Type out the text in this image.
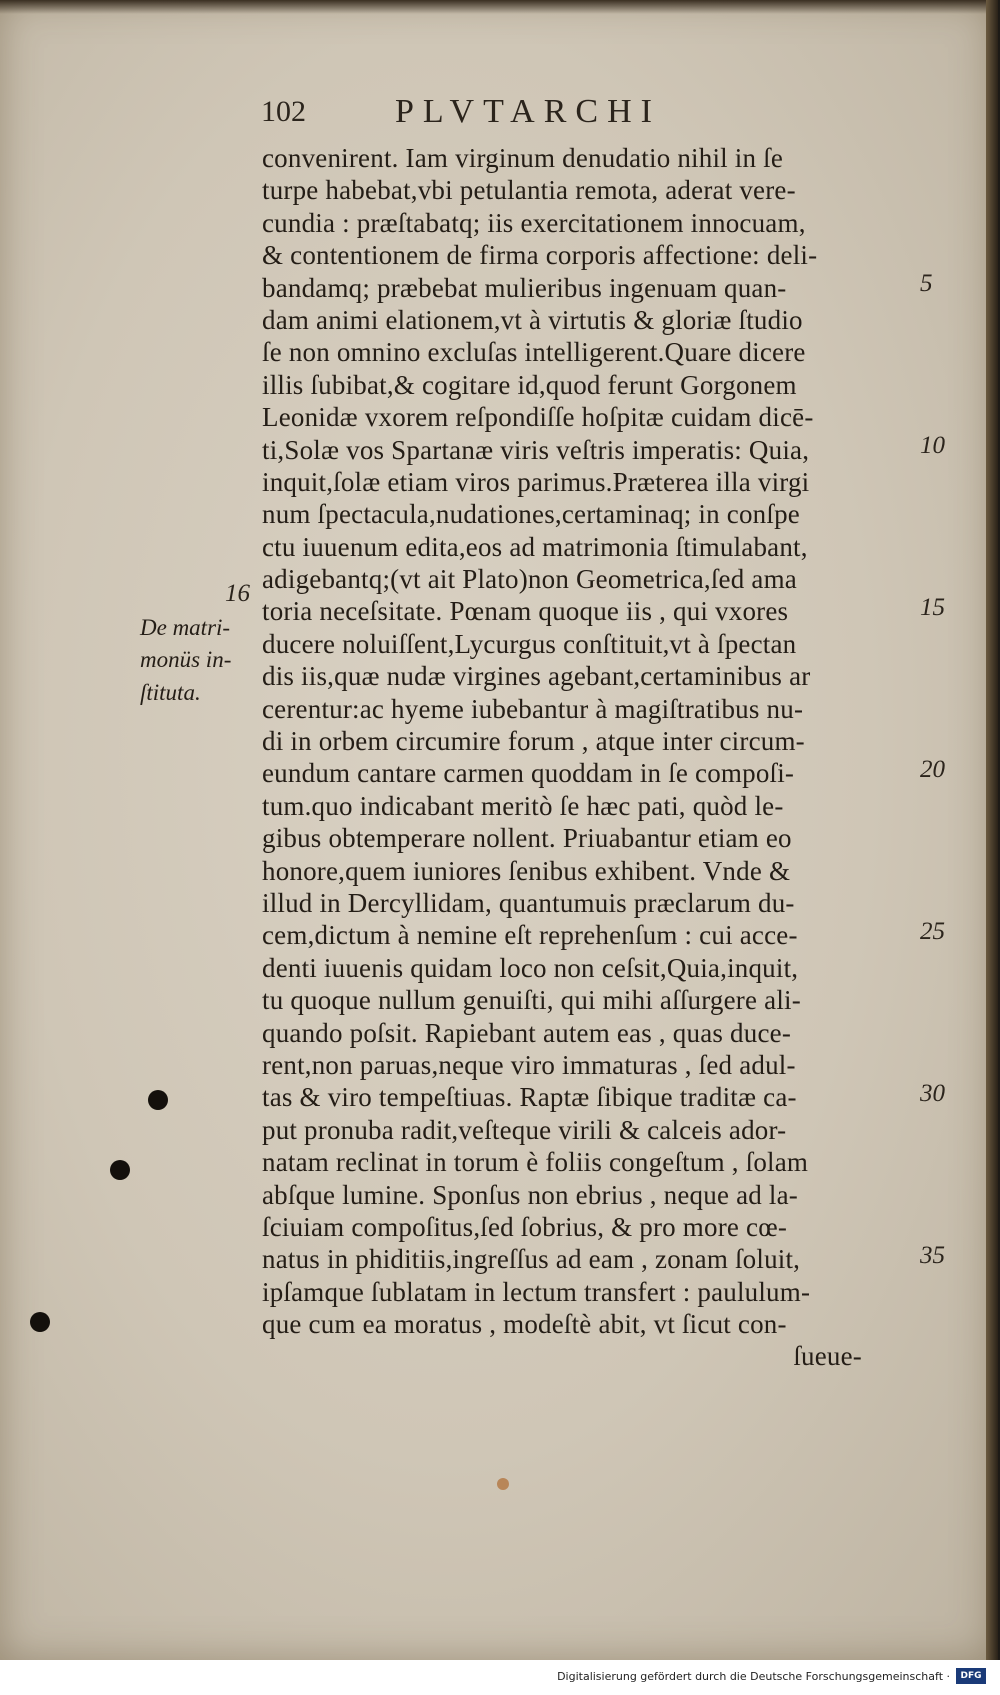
102	PLVTARCHI
16
De matri-
monüs in-
ſtituta.
convenirent. Iam virginum denudatio nihil in ſe
turpe habebat,vbi petulantia remota, aderat vere-
cundia : præſtabatq; iis exercitationem innocuam,
& contentionem de firma corporis affectione: deli-
bandamq; præbebat mulieribus ingenuam quan-
dam animi elationem,vt à virtutis & gloriæ ſtudio
ſe non omnino excluſas intelligerent.Quare dicere
illis ſubibat,& cogitare id,quod ferunt Gorgonem
Leonidæ vxorem reſpondiſſe hoſpitæ cuidam dicē-
ti,Solæ vos Spartanæ viris veſtris imperatis: Quia,
inquit,ſolæ etiam viros parimus.Præterea illa virgi
num ſpectacula,nudationes,certaminaq; in conſpe
ctu iuuenum edita,eos ad matrimonia ſtimulabant,
adigebantq;(vt ait Plato)non Geometrica,ſed ama
toria neceſsitate. Pœnam quoque iis , qui vxores
ducere noluiſſent,Lycurgus conſtituit,vt à ſpectan
dis iis,quæ nudæ virgines agebant,certaminibus ar
cerentur:ac hyeme iubebantur à magiſtratibus nu-
di in orbem circumire forum , atque inter circum-
eundum cantare carmen quoddam in ſe compoſi-
tum.quo indicabant meritò ſe hæc pati, quòd le-
gibus obtemperare nollent. Priuabantur etiam eo
honore,quem iuniores ſenibus exhibent. Vnde &
illud in Dercyllidam, quantumuis præclarum du-
cem,dictum à nemine eſt reprehenſum : cui acce-
denti iuuenis quidam loco non ceſsit,Quia,inquit,
tu quoque nullum genuiſti, qui mihi aſſurgere ali-
quando poſsit. Rapiebant autem eas , quas duce-
rent,non paruas,neque viro immaturas , ſed adul-
tas & viro tempeſtiuas. Raptæ ſibique traditæ ca-
put pronuba radit,veſteque virili & calceis ador-
natam reclinat in torum è foliis congeſtum , ſolam
abſque lumine. Sponſus non ebrius , neque ad la-
ſciuiam compoſitus,ſed ſobrius, & pro more cœ-
natus in phiditiis,ingreſſus ad eam , zonam ſoluit,
ipſamque ſublatam in lectum transfert : paululum-
que cum ea moratus , modeſtè abit, vt ſicut con-
ſueue-
5
10
15
20
25
30
35
Digitalisierung gefördert durch die Deutsche Forschungsgemeinschaft ·	DFG
